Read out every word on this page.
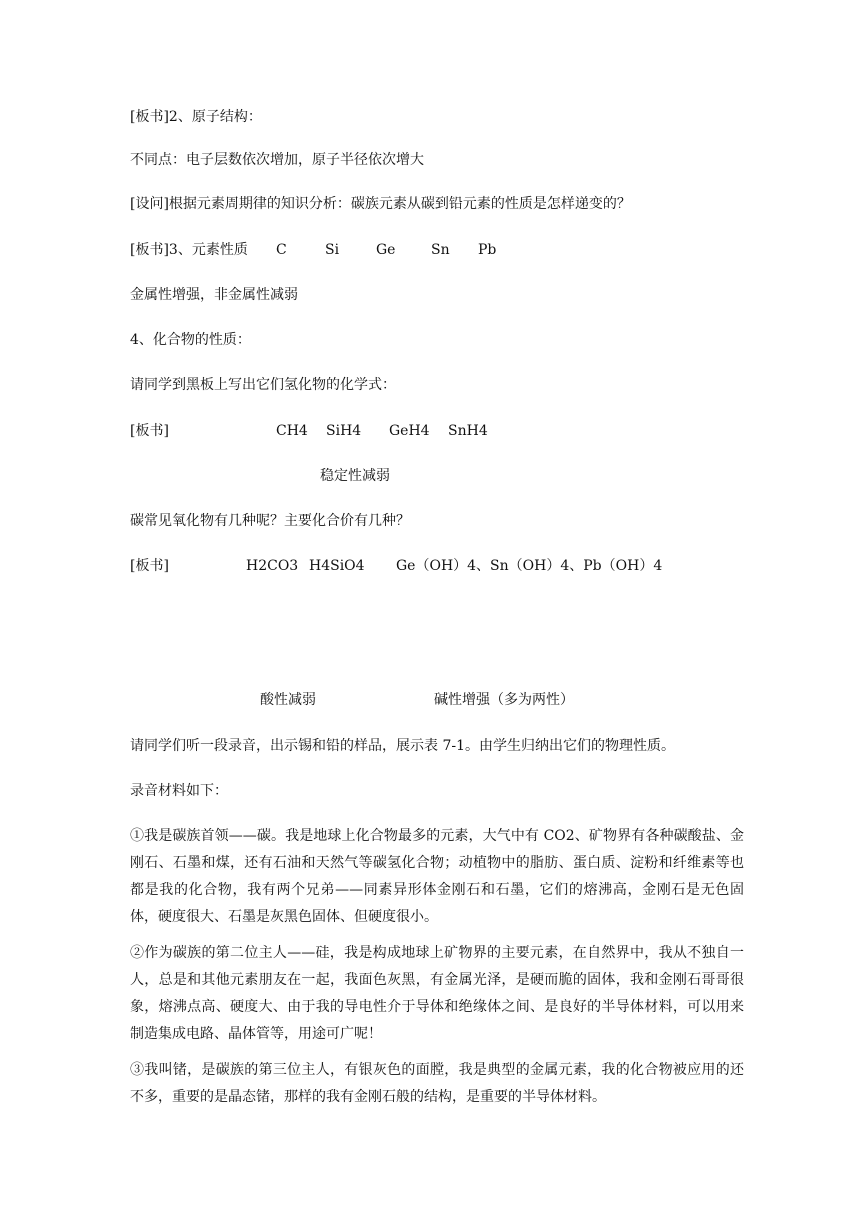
[板书]2、原子结构：
不同点：电子层数依次增加，原子半径依次增大
[设问]根据元素周期律的知识分析：碳族元素从碳到铅元素的性质是怎样递变的？
[板书]3、元素性质 C	Si	Ge	Sn Pb
金属性增强，非金属性减弱
4、化合物的性质：
请同学到黑板上写出它们氢化物的化学式：
[板书]	CH4 SiH4 GeH4 SnH4
稳定性减弱
碳常见氧化物有几种呢？主要化合价有几种？
[板书]	H2CO3 H4SiO4 Ge（OH）4、Sn（OH）4、Pb（OH）4
酸性减弱	碱性增强（多为两性）
请同学们听一段录音，出示锡和铅的样品，展示表 7-1。由学生归纳出它们的物理性质。
录音材料如下：
①我是碳族首领——碳。我是地球上化合物最多的元素，大气中有 CO2、矿物界有各种碳酸盐、金刚石、石墨和煤，还有石油和天然气等碳氢化合物；动植物中的脂肪、蛋白质、淀粉和纤维素等也都是我的化合物，我有两个兄弟——同素异形体金刚石和石墨，它们的熔沸高，金刚石是无色固体，硬度很大、石墨是灰黑色固体、但硬度很小。
②作为碳族的第二位主人——硅，我是构成地球上矿物界的主要元素，在自然界中，我从不独自一人，总是和其他元素朋友在一起，我面色灰黑，有金属光泽，是硬而脆的固体，我和金刚石哥哥很象，熔沸点高、硬度大、由于我的导电性介于导体和绝缘体之间、是良好的半导体材料，可以用来制造集成电路、晶体管等，用途可广呢！
③我叫锗，是碳族的第三位主人，有银灰色的面膛，我是典型的金属元素，我的化合物被应用的还不多，重要的是晶态锗，那样的我有金刚石般的结构，是重要的半导体材料。
